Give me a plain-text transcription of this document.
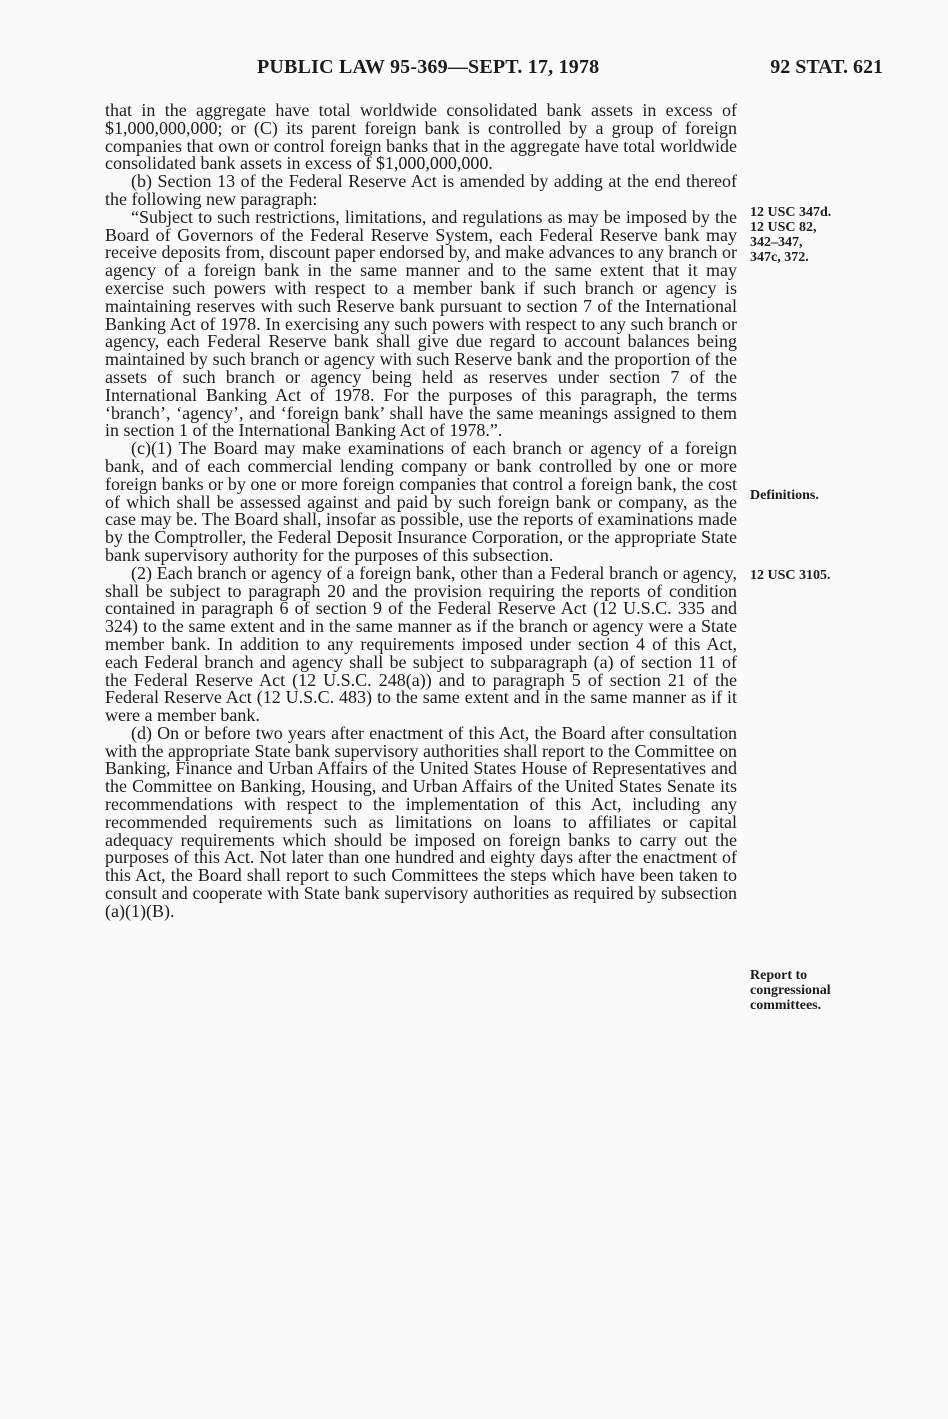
PUBLIC LAW 95-369—SEPT. 17, 1978	92 STAT. 621

that in the aggregate have total worldwide consolidated bank assets in excess of $1,000,000,000; or (C) its parent foreign bank is controlled by a group of foreign companies that own or control foreign banks that in the aggregate have total worldwide consolidated bank assets in excess of $1,000,000,000.

(b) Section 13 of the Federal Reserve Act is amended by adding at the end thereof the following new paragraph:

“Subject to such restrictions, limitations, and regulations as may be imposed by the Board of Governors of the Federal Reserve System, each Federal Reserve bank may receive deposits from, discount paper endorsed by, and make advances to any branch or agency of a foreign bank in the same manner and to the same extent that it may exercise such powers with respect to a member bank if such branch or agency is maintaining reserves with such Reserve bank pursuant to section 7 of the International Banking Act of 1978. In exercising any such powers with respect to any such branch or agency, each Federal Reserve bank shall give due regard to account balances being maintained by such branch or agency with such Reserve bank and the proportion of the assets of such branch or agency being held as reserves under section 7 of the International Banking Act of 1978. For the purposes of this paragraph, the terms ‘branch’, ‘agency’, and ‘foreign bank’ shall have the same meanings assigned to them in section 1 of the International Banking Act of 1978.”.

(c)(1) The Board may make examinations of each branch or agency of a foreign bank, and of each commercial lending company or bank controlled by one or more foreign banks or by one or more foreign companies that control a foreign bank, the cost of which shall be assessed against and paid by such foreign bank or company, as the case may be. The Board shall, insofar as possible, use the reports of examinations made by the Comptroller, the Federal Deposit Insurance Corporation, or the appropriate State bank supervisory authority for the purposes of this subsection.

(2) Each branch or agency of a foreign bank, other than a Federal branch or agency, shall be subject to paragraph 20 and the provision requiring the reports of condition contained in paragraph 6 of section 9 of the Federal Reserve Act (12 U.S.C. 335 and 324) to the same extent and in the same manner as if the branch or agency were a State member bank. In addition to any requirements imposed under section 4 of this Act, each Federal branch and agency shall be subject to subparagraph (a) of section 11 of the Federal Reserve Act (12 U.S.C. 248(a)) and to paragraph 5 of section 21 of the Federal Reserve Act (12 U.S.C. 483) to the same extent and in the same manner as if it were a member bank.

(d) On or before two years after enactment of this Act, the Board after consultation with the appropriate State bank supervisory authorities shall report to the Committee on Banking, Finance and Urban Affairs of the United States House of Representatives and the Committee on Banking, Housing, and Urban Affairs of the United States Senate its recommendations with respect to the implementation of this Act, including any recommended requirements such as limitations on loans to affiliates or capital adequacy requirements which should be imposed on foreign banks to carry out the purposes of this Act. Not later than one hundred and eighty days after the enactment of this Act, the Board shall report to such Committees the steps which have been taken to consult and cooperate with State bank supervisory authorities as required by subsection (a)(1)(B).

12 USC 347d.
12 USC 82,
342–347,
347c, 372.
Definitions.
12 USC 3105.
Report to
congressional
committees.
